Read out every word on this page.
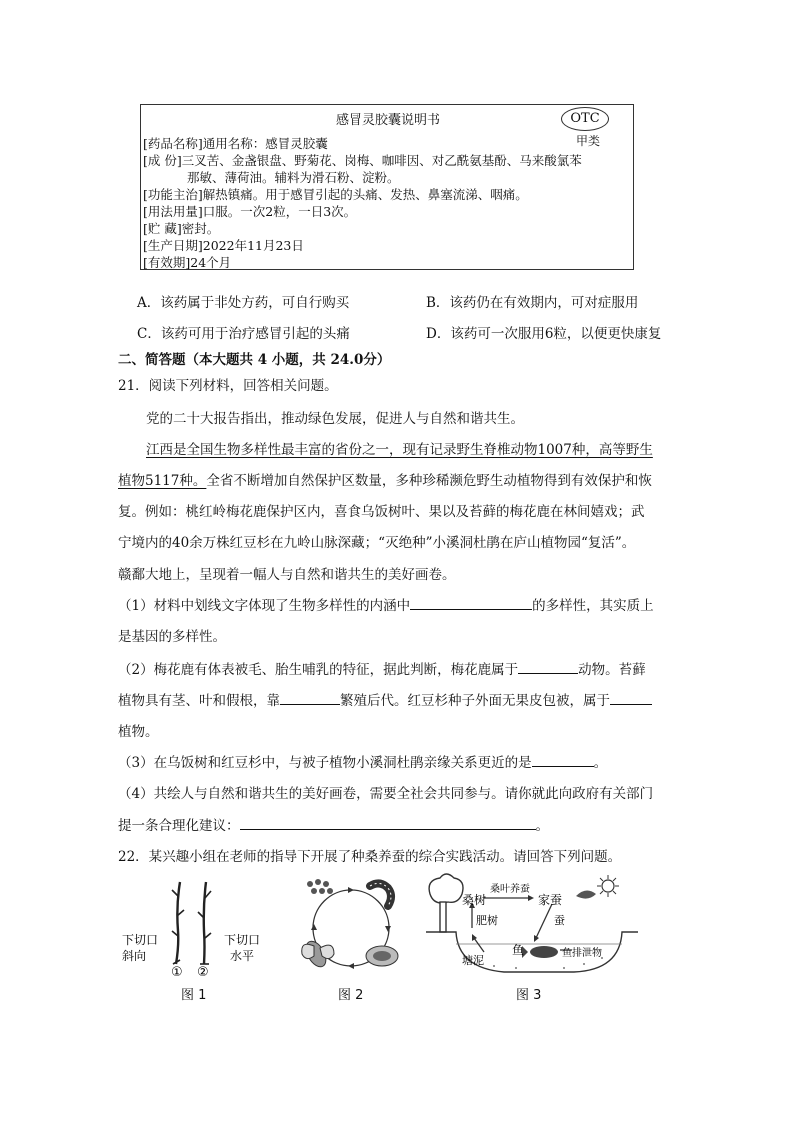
感冒灵胶囊说明书	OTC
甲类
[药品名称]通用名称：感冒灵胶囊
[成 份]三叉苦、金盏银盘、野菊花、岗梅、咖啡因、对乙酰氨基酚、马来酸氯苯
那敏、薄荷油。辅料为滑石粉、淀粉。
[功能主治]解热镇痛。用于感冒引起的头痛、发热、鼻塞流涕、咽痛。
[用法用量]口服。一次2粒，一日3次。
[贮 藏]密封。
[生产日期]2022年11月23日
[有效期]24个月
A．该药属于非处方药，可自行购买	B．该药仍在有效期内，可对症服用
C．该药可用于治疗感冒引起的头痛	D．该药可一次服用6粒，以便更快康复
二、简答题（本大题共 4 小题，共 24.0分）
21．阅读下列材料，回答相关问题。
党的二十大报告指出，推动绿色发展，促进人与自然和谐共生。
江西是全国生物多样性最丰富的省份之一，现有记录野生脊椎动物1007种，高等野生
植物5117种。全省不断增加自然保护区数量，多种珍稀濒危野生动植物得到有效保护和恢
复。例如：桃红岭梅花鹿保护区内，喜食乌饭树叶、果以及苔藓的梅花鹿在林间嬉戏；武
宁境内的40余万株红豆杉在九岭山脉深藏；“灭绝种”小溪洞杜鹃在庐山植物园“复活”。
赣鄱大地上，呈现着一幅人与自然和谐共生的美好画卷。
（1）材料中划线文字体现了生物多样性的内涵中	的多样性，其实质上
是基因的多样性。
（2）梅花鹿有体表被毛、胎生哺乳的特征，据此判断，梅花鹿属于	动物。苔藓
植物具有茎、叶和假根，靠	繁殖后代。红豆杉种子外面无果皮包被，属于
植物。
（3）在乌饭树和红豆杉中，与被子植物小溪洞杜鹃亲缘关系更近的是	。
（4）共绘人与自然和谐共生的美好画卷，需要全社会共同参与。请你就此向政府有关部门
提一条合理化建议：	。
22．某兴趣小组在老师的指导下开展了种桑养蚕的综合实践活动。请回答下列问题。
下切口
斜向
下切口
水平
① ②
图 1	图 2
桑树
桑叶养蚕
家蚕
肥树	蚕
鱼	鱼排泄物
塘泥
图 3
